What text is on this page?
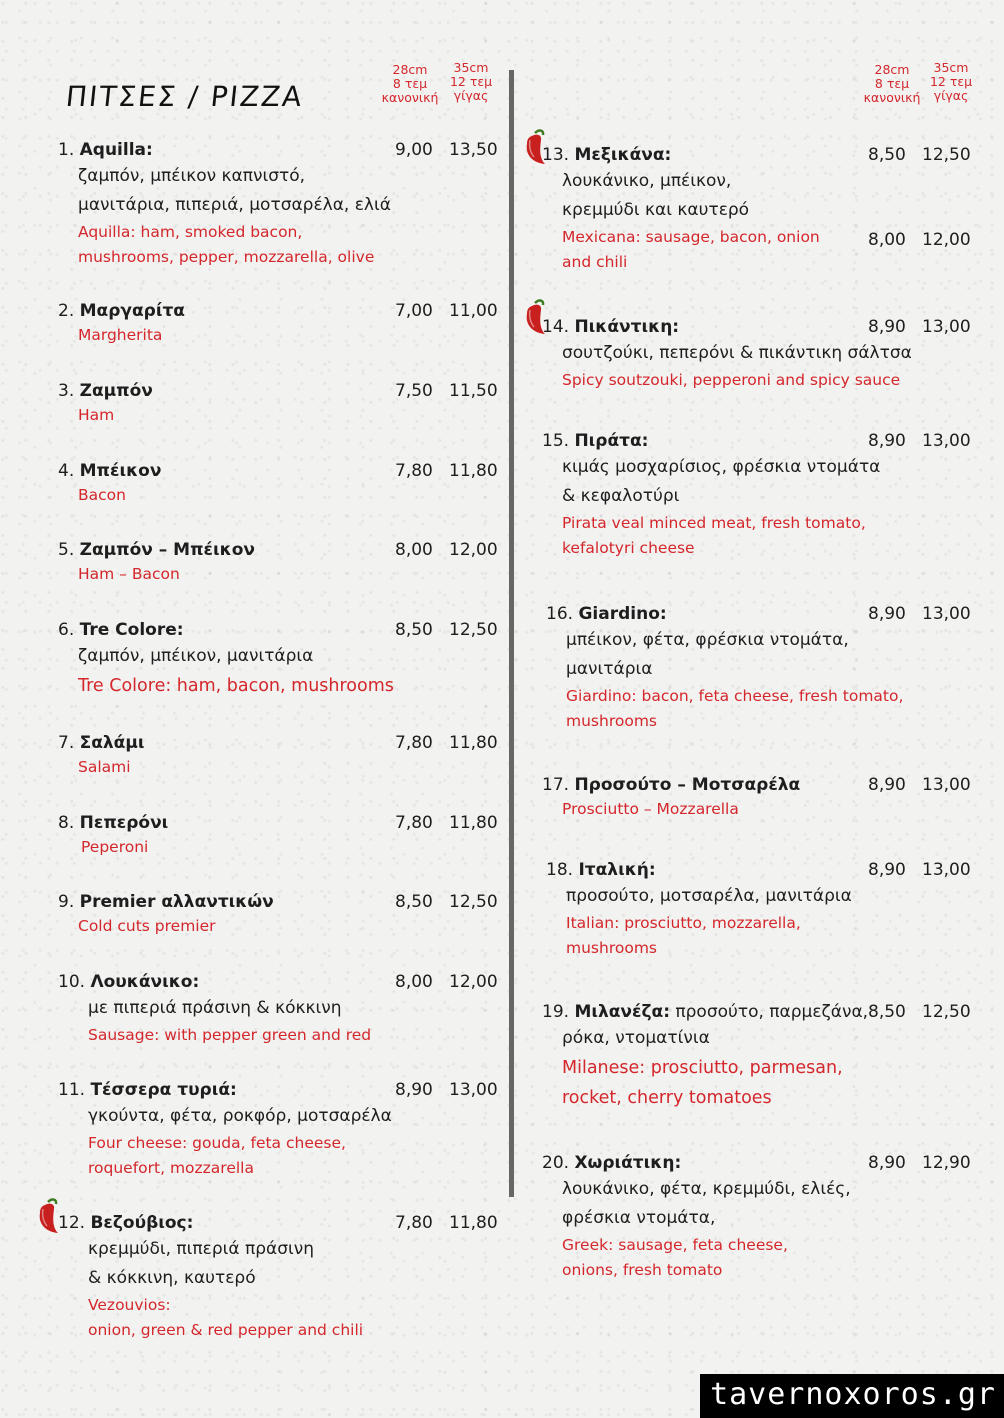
ΠΙΤΣΕΣ / PIZZA
28cm
8 τεμ
κανονική
35cm
12 τεμ
γίγας
28cm
8 τεμ
κανονική
35cm
12 τεμ
γίγας
1. Aquilla:
ζαμπόν, μπέικον καπνιστό,
μανιτάρια, πιπεριά, μοτσαρέλα, ελιά
Aquilla: ham, smoked bacon,
mushrooms, pepper, mozzarella, olive
9,00 13,50
2. Μαργαρίτα
Margherita
7,00 11,00
3. Ζαμπόν
Ham
7,50 11,50
4. Μπέικον
Bacon
7,80 11,80
5. Ζαμπόν – Μπέικον
Ham – Bacon
8,00 12,00
6. Tre Colore:
ζαμπόν, μπέικον, μανιτάρια
Tre Colore: ham, bacon, mushrooms
8,50 12,50
7. Σαλάμι
Salami
7,80 11,80
8. Πεπερόνι
Peperoni
7,80 11,80
9. Premier αλλαντικών
Cold cuts premier
8,50 12,50
10. Λουκάνικο:
με πιπεριά πράσινη & κόκκινη
Sausage: with pepper green and red
8,00 12,00
11. Τέσσερα τυριά:
γκούντα, φέτα, ροκφόρ, μοτσαρέλα
Four cheese: gouda, feta cheese,
roquefort, mozzarella
8,90 13,00
12. Βεζούβιος:
κρεμμύδι, πιπεριά πράσινη
& κόκκινη, καυτερό
Vezouvios:
onion, green & red pepper and chili
7,80 11,80
13. Μεξικάνα:
λουκάνικο, μπέικον,
κρεμμύδι και καυτερό
Mexicana: sausage, bacon, onion
and chili
8,50 12,50
8,00 12,00
14. Πικάντικη:
σουτζούκι, πεπερόνι & πικάντικη σάλτσα
Spicy soutzouki, pepperoni and spicy sauce
8,90 13,00
15. Πιράτα:
κιμάς μοσχαρίσιος, φρέσκια ντομάτα
& κεφαλοτύρι
Pirata veal minced meat, fresh tomato,
kefalotyri cheese
8,90 13,00
16. Giardino:
μπέικον, φέτα, φρέσκια ντομάτα,
μανιτάρια
Giardino: bacon, feta cheese, fresh tomato,
mushrooms
8,90 13,00
17. Προσούτο – Μοτσαρέλα
Prosciutto – Mozzarella
8,90 13,00
18. Ιταλική:
προσούτο, μοτσαρέλα, μανιτάρια
Italian: prosciutto, mozzarella,
mushrooms
8,90 13,00
19. Μιλανέζα: προσούτο, παρμεζάνα,
ρόκα, ντοματίνια
Milanese: prosciutto, parmesan,
rocket, cherry tomatoes
8,50 12,50
20. Χωριάτικη:
λουκάνικο, φέτα, κρεμμύδι, ελιές,
φρέσκια ντομάτα,
Greek: sausage, feta cheese,
onions, fresh tomato
8,90 12,90
tavernoxoros.gr
